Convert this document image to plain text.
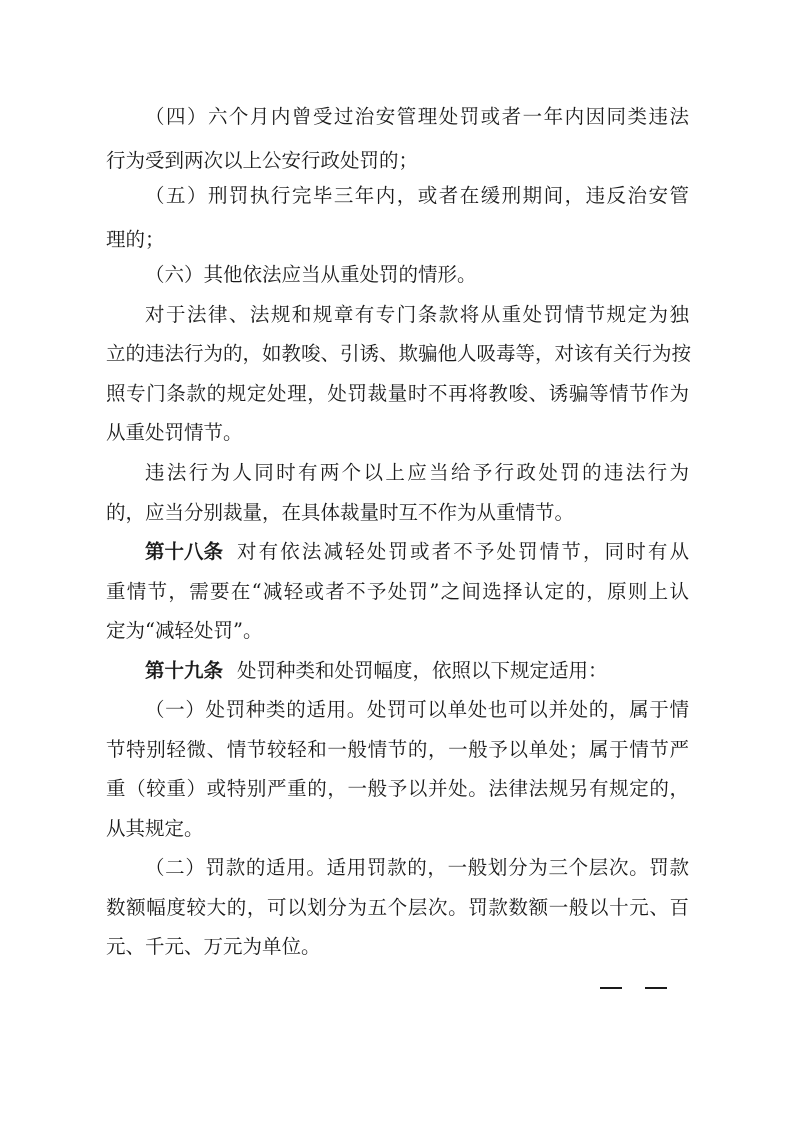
（四）六个月内曾受过治安管理处罚或者一年内因同类违法
行为受到两次以上公安行政处罚的；
（五）刑罚执行完毕三年内，或者在缓刑期间，违反治安管
理的；
（六）其他依法应当从重处罚的情形。
对于法律、法规和规章有专门条款将从重处罚情节规定为独
立的违法行为的，如教唆、引诱、欺骗他人吸毒等，对该有关行为按
照专门条款的规定处理，处罚裁量时不再将教唆、诱骗等情节作为
从重处罚情节。
违法行为人同时有两个以上应当给予行政处罚的违法行为
的，应当分别裁量，在具体裁量时互不作为从重情节。
第十八条 对有依法减轻处罚或者不予处罚情节，同时有从
重情节，需要在“减轻或者不予处罚”之间选择认定的，原则上认
定为“减轻处罚”。
第十九条 处罚种类和处罚幅度，依照以下规定适用：
（一）处罚种类的适用。处罚可以单处也可以并处的，属于情
节特别轻微、情节较轻和一般情节的，一般予以单处；属于情节严
重（较重）或特别严重的，一般予以并处。法律法规另有规定的，
从其规定。
（二）罚款的适用。适用罚款的，一般划分为三个层次。罚款
数额幅度较大的，可以划分为五个层次。罚款数额一般以十元、百
元、千元、万元为单位。
